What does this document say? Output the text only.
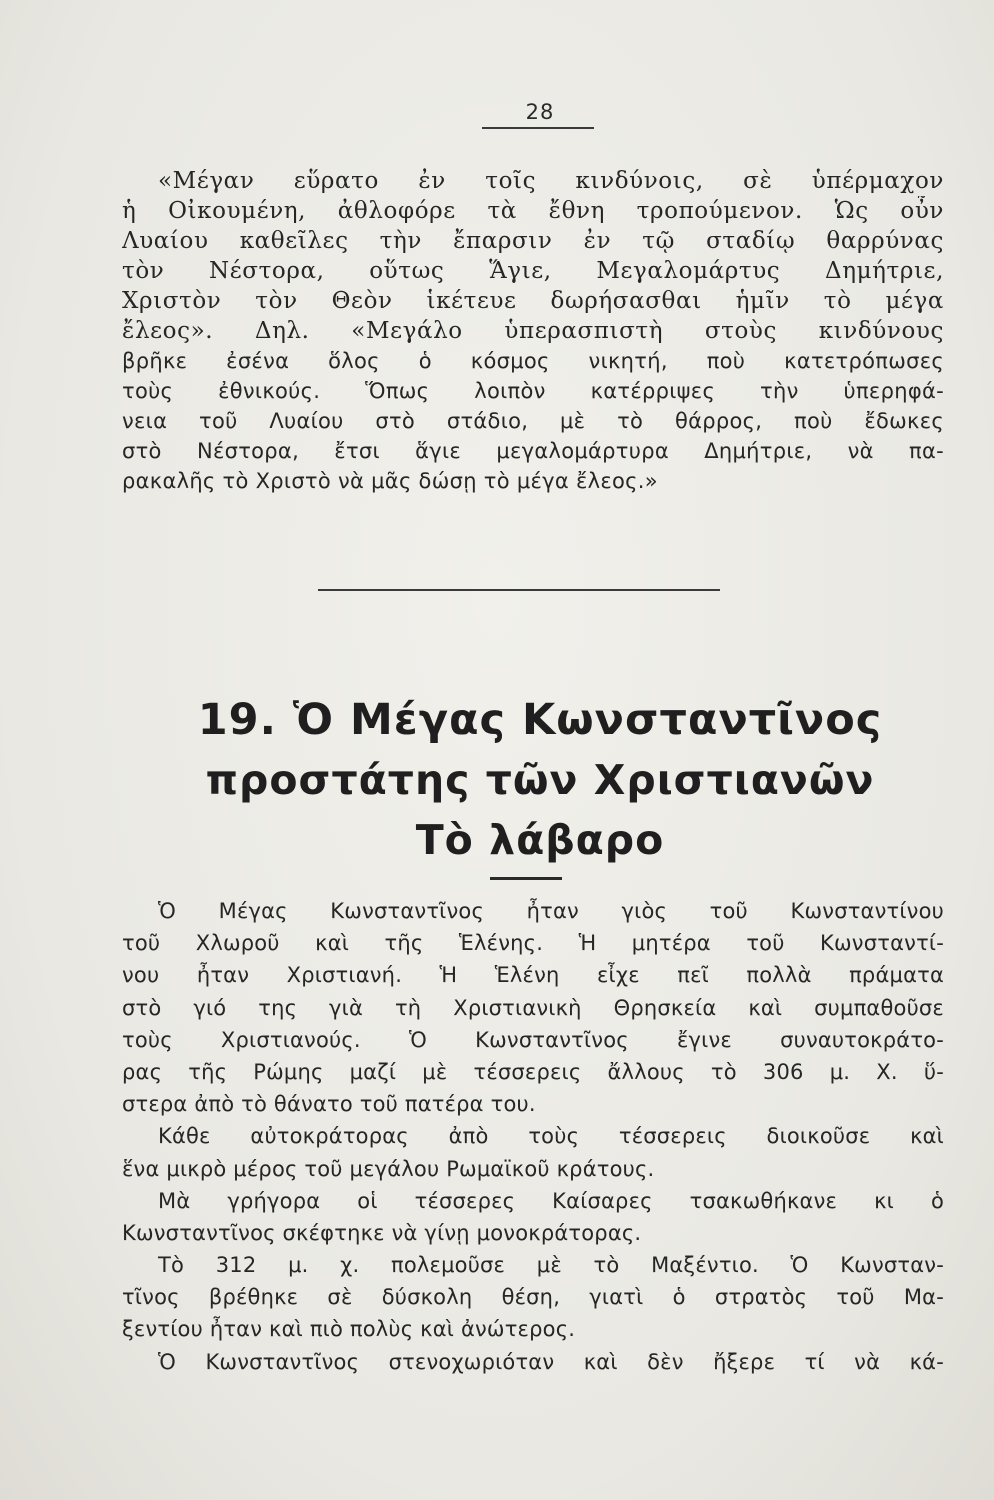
28
«Μέγαν εὕρατο ἐν τοῖς κινδύνοις, σὲ ὑπέρμαχον
ἡ Οἰκουμένη, ἀθλοφόρε τὰ ἔθνη τροπούμενον. Ὡς οὖν
Λυαίου καθεῖλες τὴν ἔπαρσιν ἐν τῷ σταδίῳ θαρρύνας
τὸν Νέστορα, οὕτως Ἅγιε, Μεγαλομάρτυς Δημήτριε,
Χριστὸν τὸν Θεὸν ἱκέτευε δωρήσασθαι ἡμῖν τὸ μέγα
ἔλεος». Δηλ. «Μεγάλο ὑπερασπιστὴ στοὺς κινδύνους
βρῆκε ἐσένα ὅλος ὁ κόσμος νικητή, ποὺ κατετρόπωσες
τοὺς ἐθνικούς. Ὅπως λοιπὸν κατέρριψες τὴν ὑπερηφά-
νεια τοῦ Λυαίου στὸ στάδιο, μὲ τὸ θάρρος, ποὺ ἔδωκες
στὸ Νέστορα, ἔτσι ἅγιε μεγαλομάρτυρα Δημήτριε, νὰ πα-
ρακαλῆς τὸ Χριστὸ νὰ μᾶς δώσῃ τὸ μέγα ἔλεος.»
19. Ὁ Μέγας Κωνσταντῖνος
προστάτης τῶν Χριστιανῶν
Τὸ λάβαρο
Ὁ Μέγας Κωνσταντῖνος ἦταν γιὸς τοῦ Κωνσταντίνου
τοῦ Χλωροῦ καὶ τῆς Ἑλένης. Ἡ μητέρα τοῦ Κωνσταντί-
νου ἦταν Χριστιανή. Ἡ Ἑλένη εἶχε πεῖ πολλὰ πράματα
στὸ γιό της γιὰ τὴ Χριστιανικὴ Θρησκεία καὶ συμπαθοῦσε
τοὺς Χριστιανούς. Ὁ Κωνσταντῖνος ἔγινε συναυτοκράτο-
ρας τῆς Ρώμης μαζί μὲ τέσσερεις ἄλλους τὸ 306 μ. Χ. ὕ-
στερα ἀπὸ τὸ θάνατο τοῦ πατέρα του.
Κάθε αὐτοκράτορας ἀπὸ τοὺς τέσσερεις διοικοῦσε καὶ
ἕνα μικρὸ μέρος τοῦ μεγάλου Ρωμαϊκοῦ κράτους.
Μὰ γρήγορα οἱ τέσσερες Καίσαρες τσακωθήκανε κι ὁ
Κωνσταντῖνος σκέφτηκε νὰ γίνῃ μονοκράτορας.
Τὸ 312 μ. χ. πολεμοῦσε μὲ τὸ Μαξέντιο. Ὁ Κωνσταν-
τῖνος βρέθηκε σὲ δύσκολη θέση, γιατὶ ὁ στρατὸς τοῦ Μα-
ξεντίου ἦταν καὶ πιὸ πολὺς καὶ ἀνώτερος.
Ὁ Κωνσταντῖνος στενοχωριόταν καὶ δὲν ἤξερε τί νὰ κά-
